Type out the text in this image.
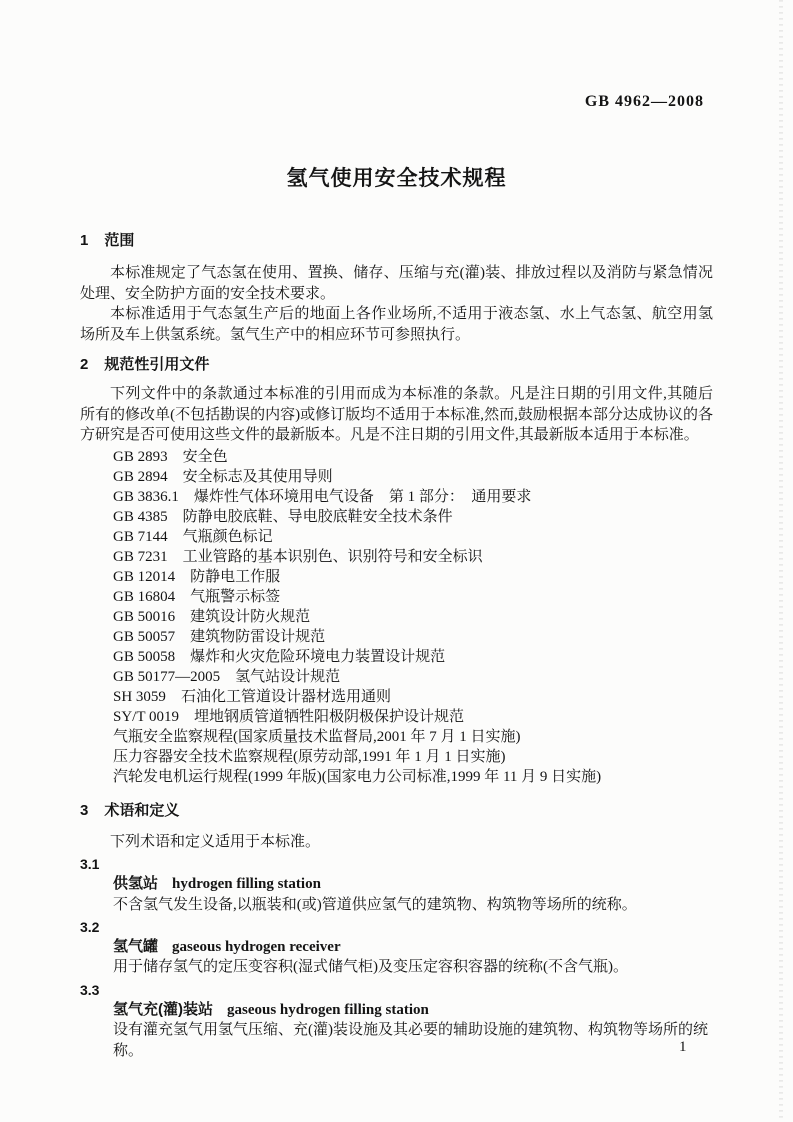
GB 4962—2008
氢气使用安全技术规程
1 范围

本标准规定了气态氢在使用、置换、储存、压缩与充(灌)装、排放过程以及消防与紧急情况处理、安全防护方面的安全技术要求。

本标准适用于气态氢生产后的地面上各作业场所,不适用于液态氢、水上气态氢、航空用氢场所及车上供氢系统。氢气生产中的相应环节可参照执行。

2 规范性引用文件

下列文件中的条款通过本标准的引用而成为本标准的条款。凡是注日期的引用文件,其随后所有的修改单(不包括勘误的内容)或修订版均不适用于本标准,然而,鼓励根据本部分达成协议的各方研究是否可使用这些文件的最新版本。凡是不注日期的引用文件,其最新版本适用于本标准。

GB 2893 安全色
GB 2894 安全标志及其使用导则
GB 3836.1 爆炸性气体环境用电气设备　第 1 部分：　通用要求
GB 4385 防静电胶底鞋、导电胶底鞋安全技术条件
GB 7144 气瓶颜色标记
GB 7231 工业管路的基本识别色、识别符号和安全标识
GB 12014 防静电工作服
GB 16804 气瓶警示标签
GB 50016 建筑设计防火规范
GB 50057 建筑物防雷设计规范
GB 50058 爆炸和火灾危险环境电力装置设计规范
GB 50177—2005 氢气站设计规范
SH 3059 石油化工管道设计器材选用通则
SY/T 0019 埋地钢质管道牺牲阳极阴极保护设计规范
气瓶安全监察规程(国家质量技术监督局,2001 年 7 月 1 日实施)
压力容器安全技术监察规程(原劳动部,1991 年 1 月 1 日实施)
汽轮发电机运行规程(1999 年版)(国家电力公司标准,1999 年 11 月 9 日实施)
3 术语和定义

下列术语和定义适用于本标准。

3.1
供氢站 hydrogen filling station
不含氢气发生设备,以瓶装和(或)管道供应氢气的建筑物、构筑物等场所的统称。
3.2
氢气罐 gaseous hydrogen receiver
用于储存氢气的定压变容积(湿式储气柜)及变压定容积容器的统称(不含气瓶)。
3.3
氢气充(灌)装站 gaseous hydrogen filling station
设有灌充氢气用氢气压缩、充(灌)装设施及其必要的辅助设施的建筑物、构筑物等场所的统称。	1
